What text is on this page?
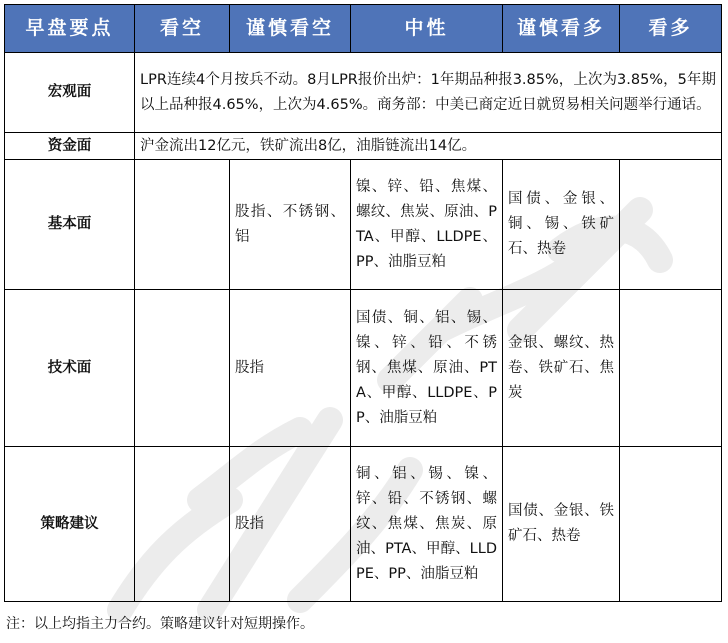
早盘要点	看空	谨慎看空	中性	谨慎看多	看多
宏观面	LPR连续4个月按兵不动。8月LPR报价出炉：1年期品种报3.85%，上次为3.85%，5年期以上品种报4.65%，上次为4.65%。商务部：中美已商定近日就贸易相关问题举行通话。				
资金面	沪金流出12亿元，铁矿流出8亿，油脂链流出14亿。				
基本面		股指、不锈钢、铝	镍、锌、铅、焦煤、螺纹、焦炭、原油、PTA、甲醇、LLDPE、PP、油脂豆粕	国债、金银、铜、锡、铁矿石、热卷	
技术面		股指	国债、铜、铝、锡、镍、锌、铅、不锈钢、焦煤、原油、PTA、甲醇、LLDPE、PP、油脂豆粕	金银、螺纹、热卷、铁矿石、焦炭	
策略建议		股指	铜、铝、锡、镍、锌、铅、不锈钢、螺纹、焦煤、焦炭、原油、PTA、甲醇、LLDPE、PP、油脂豆粕	国债、金银、铁矿石、热卷	
注：以上均指主力合约。策略建议针对短期操作。
